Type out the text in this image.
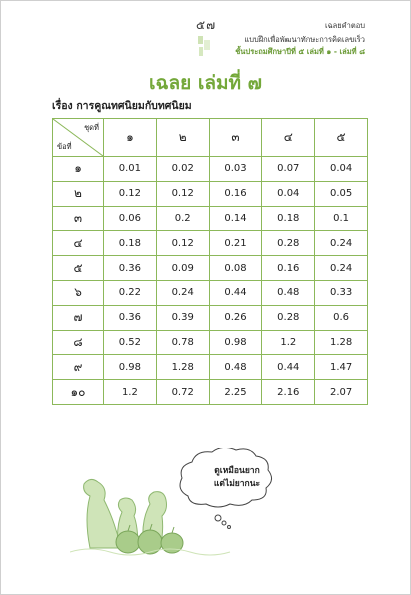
๕๗	เฉลยคำตอบ
แบบฝึกเพื่อพัฒนาทักษะการคิดเลขเร็ว
ชั้นประถมศึกษาปีที่ ๕ เล่มที่ ๑ - เล่มที่ ๘
เฉลย เล่มที่ ๗
เรื่อง การคูณทศนิยมกับทศนิยม
ชุดที่
ข้อที่	๑	๒	๓	๔	๕
๑	0.01	0.02	0.03	0.07	0.04
๒	0.12	0.12	0.16	0.04	0.05
๓	0.06	0.2	0.14	0.18	0.1
๔	0.18	0.12	0.21	0.28	0.24
๕	0.36	0.09	0.08	0.16	0.24
๖	0.22	0.24	0.44	0.48	0.33
๗	0.36	0.39	0.26	0.28	0.6
๘	0.52	0.78	0.98	1.2	1.28
๙	0.98	1.28	0.48	0.44	1.47
๑๐	1.2	0.72	2.25	2.16	2.07
ดูเหมือนยาก
แต่ไม่ยากนะ
